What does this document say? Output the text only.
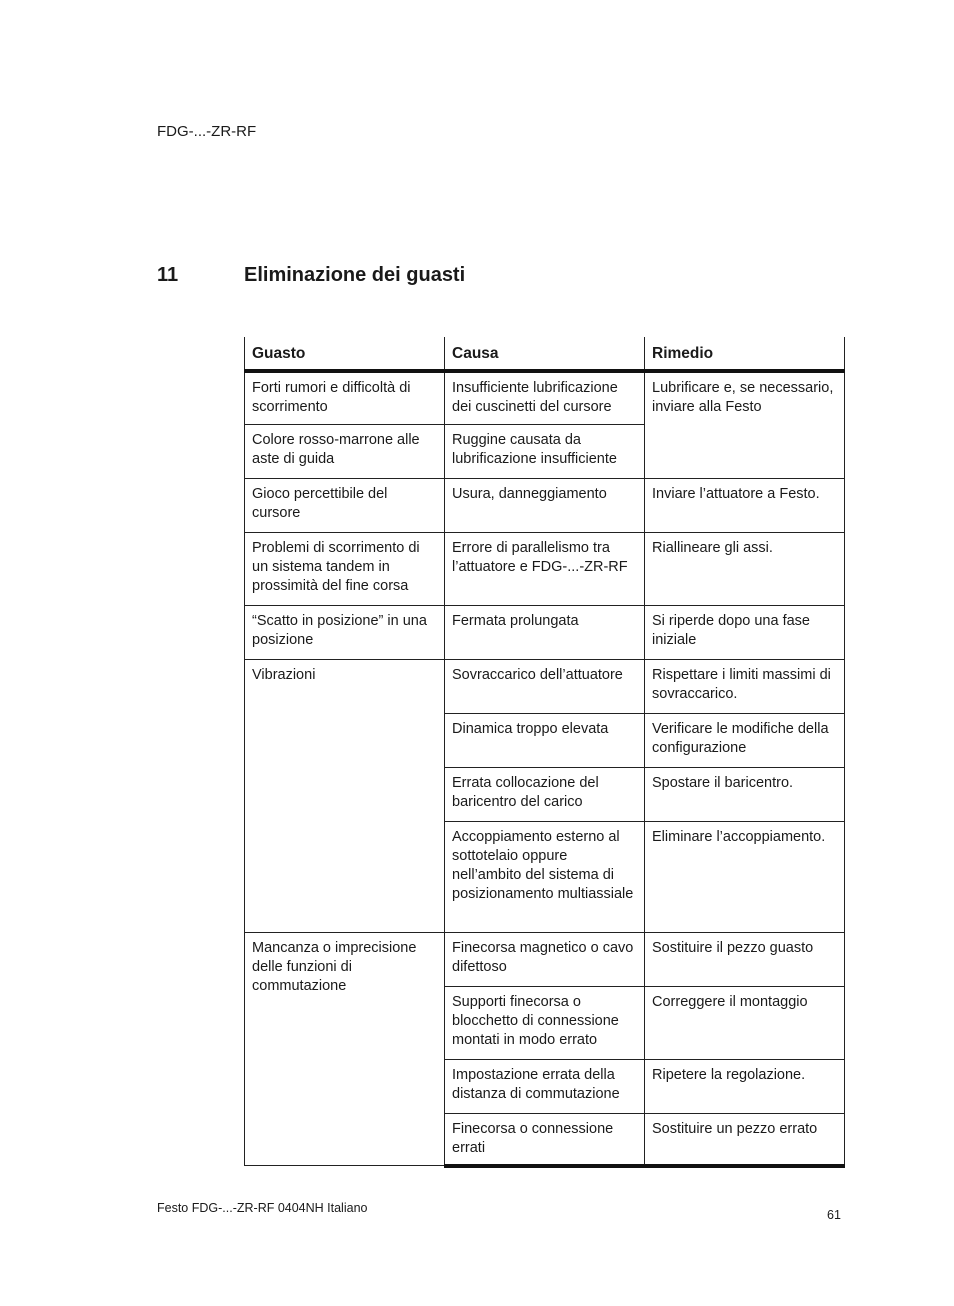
FDG-...-ZR-RF
11	Eliminazione dei guasti
Guasto	Causa	Rimedio
Forti rumori e difficoltà di scorrimento	Insufficiente lubrificazione dei cuscinetti del cursore	Lubrificare e, se necessario, inviare alla Festo
Colore rosso-marrone alle aste di guida	Ruggine causata da lubrificazione insufficiente	
Gioco percettibile del cursore	Usura, danneggiamento	Inviare l’attuatore a Festo.
Problemi di scorrimento di un sistema tandem in prossimità del fine corsa	Errore di parallelismo tra l’attuatore e FDG-...-ZR-RF	Riallineare gli assi.
“Scatto in posizione” in una posizione	Fermata prolungata	Si riperde dopo una fase iniziale
Vibrazioni	Sovraccarico dell’attuatore	Rispettare i limiti massimi di sovraccarico.
	Dinamica troppo elevata	Verificare le modifiche della configurazione
	Errata collocazione del baricentro del carico	Spostare il baricentro.
	Accoppiamento esterno al sottotelaio oppure nell’ambito del sistema di posizionamento multiassiale	Eliminare l’accoppiamento.
Mancanza o imprecisione delle funzioni di commutazione	Finecorsa magnetico o cavo difettoso	Sostituire il pezzo guasto
	Supporti finecorsa o blocchetto di connessione montati in modo errato	Correggere il montaggio
	Impostazione errata della distanza di commutazione	Ripetere la regolazione.
	Finecorsa o connessione errati	Sostituire un pezzo errato
Festo FDG-...-ZR-RF 0404NH Italiano	61
